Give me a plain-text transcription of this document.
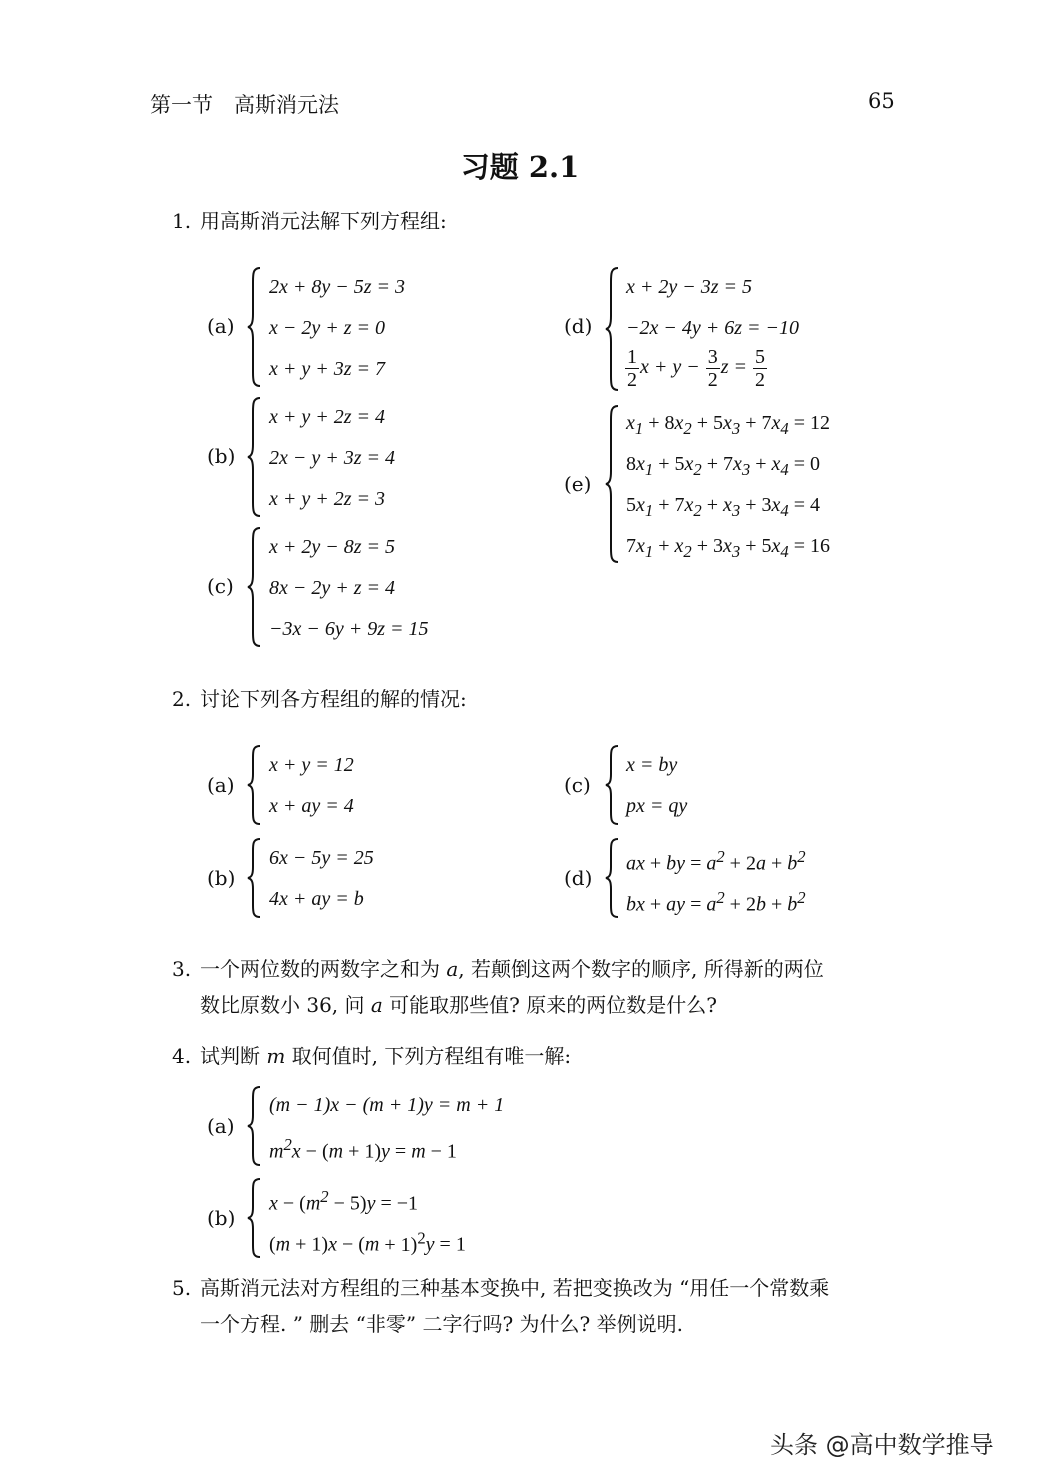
第一节　高斯消元法	65
习题 2.1
1. 用高斯消元法解下列方程组:
(a)
2x + 8y − 5z = 3
x − 2y + z = 0
x + y + 3z = 7
(b)
x + y + 2z = 4
2x − y + 3z = 4
x + y + 2z = 3
(c)
x + 2y − 8z = 5
8x − 2y + z = 4
−3x − 6y + 9z = 15
(d)
x + 2y − 3z = 5
−2x − 4y + 6z = −10
$\frac{1}{2}$ $x + y - \frac{3}{2}$ $z = \frac{5}{2}$
(e)
$x_1 + 8x_2 + 5x_3 + 7x_4 = 12$
$8x_1 + 5x_2 + 7x_3 + x_4 = 0$
$5x_1 + 7x_2 + x_3 + 3x_4 = 4$
$7x_1 + x_2 + 3x_3 + 5x_4 = 16$
2. 讨论下列各方程组的解的情况:
(a)
x + y = 12
x + ay = 4
(b)
6x − 5y = 25
4x + ay = b
(c)
x = by
px = qy
(d)
ax + by = $a^2 + 2a + b^2$
bx + ay = $a^2 + 2b + b^2$
3. 一个两位数的两数字之和为 a, 若颠倒这两个数字的顺序, 所得新的两位
数比原数小 36, 问 a 可能取那些值? 原来的两位数是什么?
4. 试判断 m 取何值时, 下列方程组有唯一解:
(a)
(m − 1)x − (m + 1)y = m + 1
$m^2x - (m + 1)y = m - 1$
(b)
$x - (m^2 - 5)y = -1$
$(m + 1)x - (m + 1)^2y = 1$
5. 高斯消元法对方程组的三种基本变换中, 若把变换改为 “用任一个常数乘
一个方程. ” 删去 “非零” 二字行吗? 为什么? 举例说明.
头条 @高中数学推导
